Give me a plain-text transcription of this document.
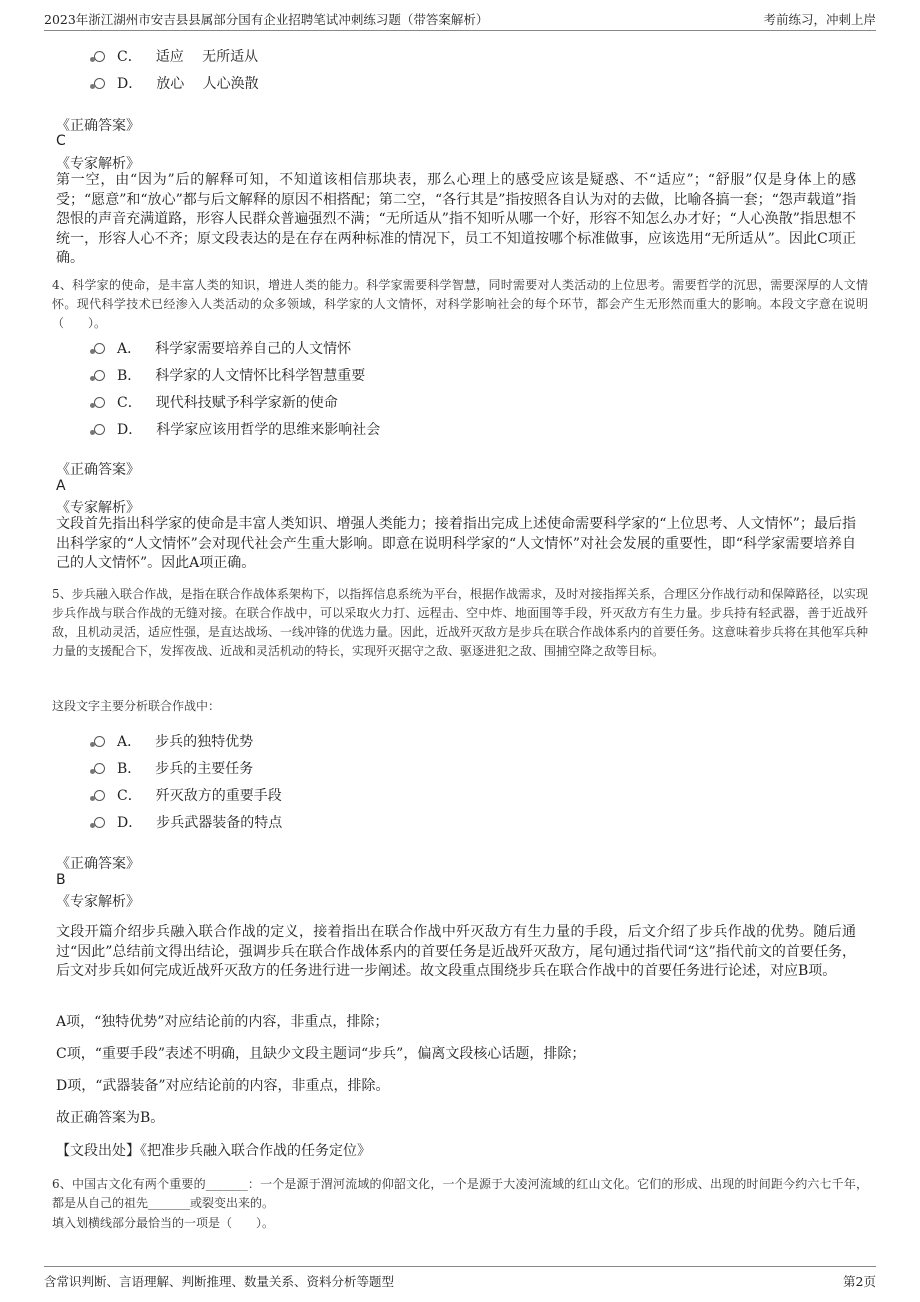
2023年浙江湖州市安吉县县属部分国有企业招聘笔试冲刺练习题（带答案解析）	考前练习，冲刺上岸
C． 适应　 无所适从
D． 放心　 人心涣散
《正确答案》
C
《专家解析》
第一空，由“因为”后的解释可知，不知道该相信那块表，那么心理上的感受应该是疑惑、不“适应”；“舒服”仅是身体上的感受；“愿意”和“放心”都与后文解释的原因不相搭配；第二空，“各行其是”指按照各自认为对的去做，比喻各搞一套；“怨声载道”指怨恨的声音充满道路，形容人民群众普遍强烈不满；“无所适从”指不知听从哪一个好，形容不知怎么办才好；“人心涣散”指思想不统一，形容人心不齐；原文段表达的是在存在两种标准的情况下，员工不知道按哪个标准做事，应该选用“无所适从”。因此C项正确。
4、科学家的使命，是丰富人类的知识，增进人类的能力。科学家需要科学智慧，同时需要对人类活动的上位思考。需要哲学的沉思，需要深厚的人文情怀。现代科学技术已经渗入人类活动的众多领域，科学家的人文情怀，对科学影响社会的每个环节，都会产生无形然而重大的影响。本段文字意在说明（　　）。
A． 科学家需要培养自己的人文情怀
B． 科学家的人文情怀比科学智慧重要
C． 现代科技赋予科学家新的使命
D． 科学家应该用哲学的思维来影响社会
《正确答案》
A
《专家解析》
文段首先指出科学家的使命是丰富人类知识、增强人类能力；接着指出完成上述使命需要科学家的“上位思考、人文情怀”；最后指出科学家的“人文情怀”会对现代社会产生重大影响。即意在说明科学家的“人文情怀”对社会发展的重要性，即“科学家需要培养自己的人文情怀”。因此A项正确。
5、步兵融入联合作战，是指在联合作战体系架构下，以指挥信息系统为平台，根据作战需求，及时对接指挥关系，合理区分作战行动和保障路径，以实现步兵作战与联合作战的无缝对接。在联合作战中，可以采取火力打、远程击、空中炸、地面围等手段，歼灭敌方有生力量。步兵持有轻武器，善于近战歼敌，且机动灵活，适应性强，是直达战场、一线冲锋的优选力量。因此，近战歼灭敌方是步兵在联合作战体系内的首要任务。这意味着步兵将在其他军兵种力量的支援配合下，发挥夜战、近战和灵活机动的特长，实现歼灭据守之敌、驱逐进犯之敌、围捕空降之敌等目标。
这段文字主要分析联合作战中：
A． 步兵的独特优势
B． 步兵的主要任务
C． 歼灭敌方的重要手段
D． 步兵武器装备的特点
《正确答案》
B
《专家解析》
文段开篇介绍步兵融入联合作战的定义，接着指出在联合作战中歼灭敌方有生力量的手段，后文介绍了步兵作战的优势。随后通过“因此”总结前文得出结论，强调步兵在联合作战体系内的首要任务是近战歼灭敌方，尾句通过指代词“这”指代前文的首要任务，后文对步兵如何完成近战歼灭敌方的任务进行进一步阐述。故文段重点围绕步兵在联合作战中的首要任务进行论述，对应B项。
A项，“独特优势”对应结论前的内容，非重点，排除；
C项，“重要手段”表述不明确，且缺少文段主题词“步兵”，偏离文段核心话题，排除；
D项，“武器装备”对应结论前的内容，非重点，排除。
故正确答案为B。
【文段出处】《把准步兵融入联合作战的任务定位》
6、中国古文化有两个重要的_______：一个是源于渭河流域的仰韶文化，一个是源于大凌河流域的红山文化。它们的形成、出现的时间距今约六七千年，都是从自己的祖先_______或裂变出来的。
填入划横线部分最恰当的一项是（　　）。
含常识判断、言语理解、判断推理、数量关系、资料分析等题型	第2页
